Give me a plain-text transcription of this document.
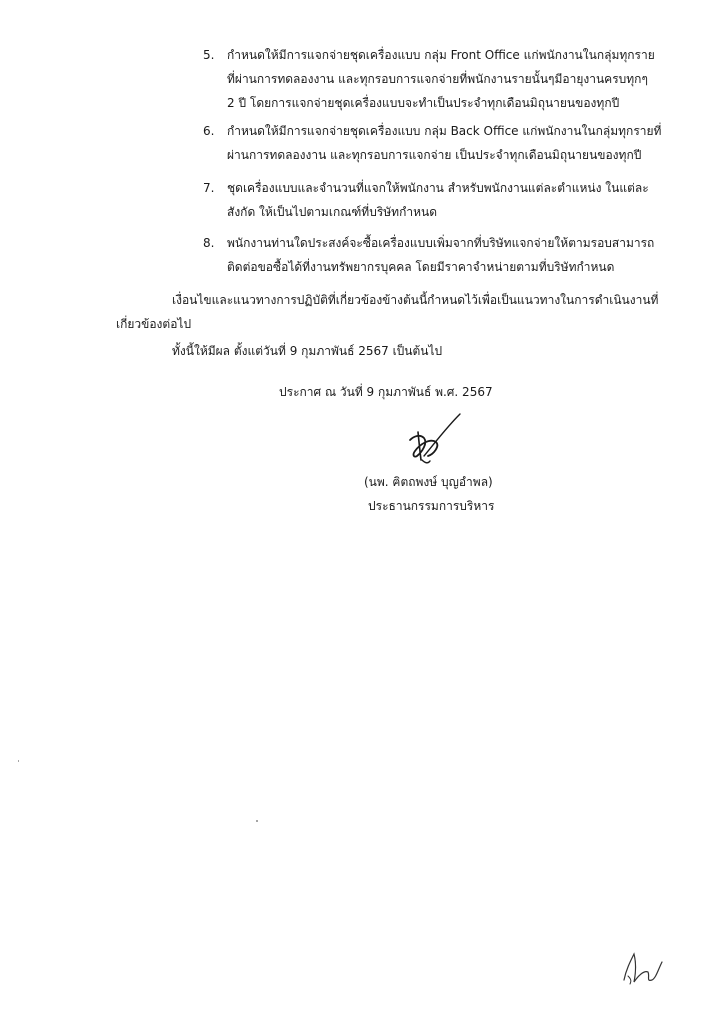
5.	กำหนดให้มีการแจกจ่ายชุดเครื่องแบบ กลุ่ม Front Office แก่พนักงานในกลุ่มทุกราย
ที่ผ่านการทดลองงาน และทุกรอบการแจกจ่ายที่พนักงานรายนั้นๆมีอายุงานครบทุกๆ
2 ปี โดยการแจกจ่ายชุดเครื่องแบบจะทำเป็นประจำทุกเดือนมิถุนายนของทุกปี
6.	กำหนดให้มีการแจกจ่ายชุดเครื่องแบบ กลุ่ม Back Office แก่พนักงานในกลุ่มทุกรายที่
ผ่านการทดลองงาน และทุกรอบการแจกจ่าย เป็นประจำทุกเดือนมิถุนายนของทุกปี
7.	ชุดเครื่องแบบและจำนวนที่แจกให้พนักงาน สำหรับพนักงานแต่ละตำแหน่ง ในแต่ละ
สังกัด ให้เป็นไปตามเกณฑ์ที่บริษัทกำหนด
8.	พนักงานท่านใดประสงค์จะซื้อเครื่องแบบเพิ่มจากที่บริษัทแจกจ่ายให้ตามรอบสามารถ
ติดต่อขอซื้อได้ที่งานทรัพยากรบุคคล โดยมีราคาจำหน่ายตามที่บริษัทกำหนด
เงื่อนไขและแนวทางการปฏิบัติที่เกี่ยวข้องข้างต้นนี้กำหนดไว้เพื่อเป็นแนวทางในการดำเนินงานที่
เกี่ยวข้องต่อไป
ทั้งนี้ให้มีผล ตั้งแต่วันที่ 9 กุมภาพันธ์ 2567 เป็นต้นไป
ประกาศ ณ วันที่ 9 กุมภาพันธ์ พ.ศ. 2567
(นพ. ฅิตถพงษ์ บุญอำพล)
ประธานกรรมการบริหาร
